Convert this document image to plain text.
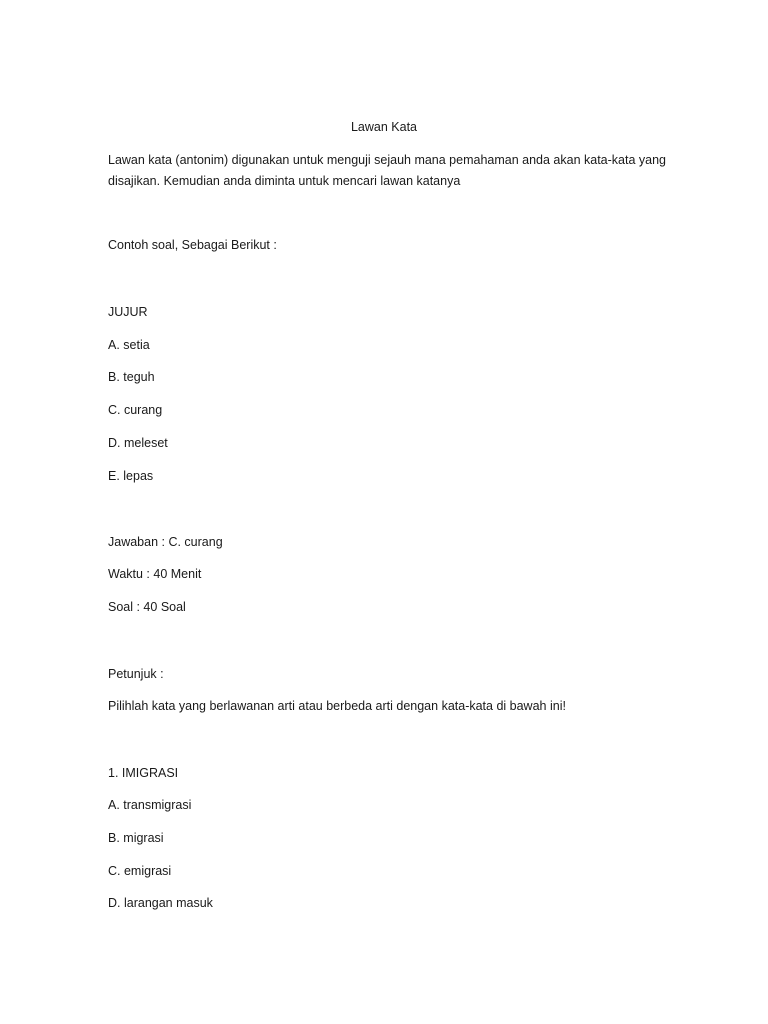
Lawan Kata
Lawan kata (antonim) digunakan untuk menguji sejauh mana pemahaman anda akan kata-kata yang disajikan. Kemudian anda diminta untuk mencari lawan katanya
Contoh soal, Sebagai Berikut :
JUJUR
A. setia
B. teguh
C. curang
D. meleset
E. lepas
Jawaban : C. curang
Waktu : 40 Menit
Soal : 40 Soal
Petunjuk :
Pilihlah kata yang berlawanan arti atau berbeda arti dengan kata-kata di bawah ini!
1. IMIGRASI
A. transmigrasi
B. migrasi
C. emigrasi
D. larangan masuk
